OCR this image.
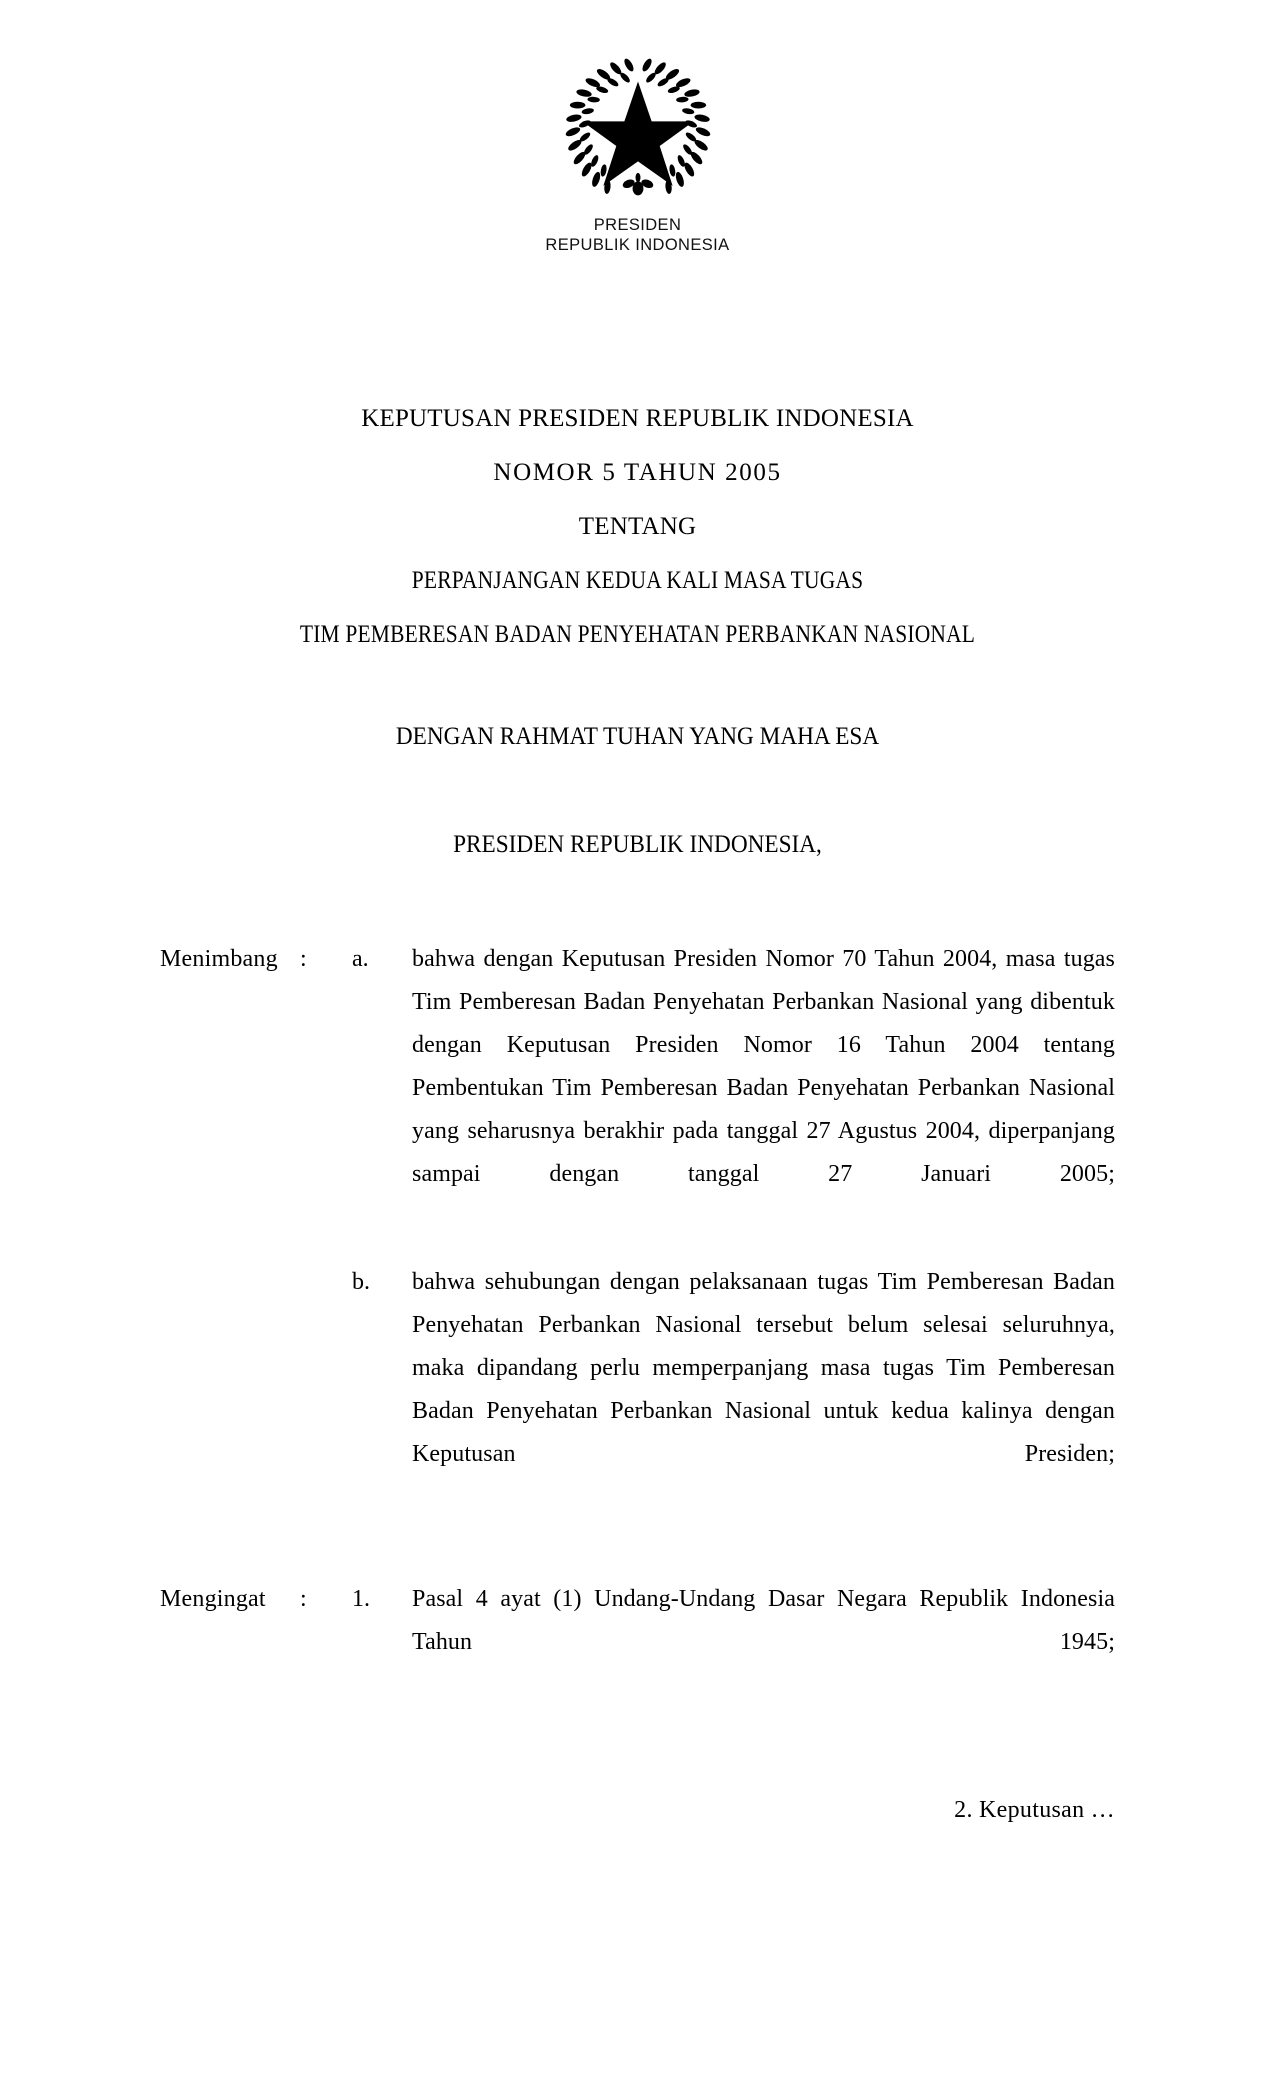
PRESIDEN
REPUBLIK INDONESIA
KEPUTUSAN PRESIDEN REPUBLIK INDONESIA
NOMOR 5 TAHUN 2005
TENTANG
PERPANJANGAN KEDUA KALI MASA TUGAS
TIM PEMBERESAN BADAN PENYEHATAN PERBANKAN NASIONAL
DENGAN RAHMAT TUHAN YANG MAHA ESA
PRESIDEN REPUBLIK INDONESIA,
Menimbang : a. bahwa dengan Keputusan Presiden Nomor 70 Tahun 2004, masa tugas Tim Pemberesan Badan Penyehatan Perbankan Nasional yang dibentuk dengan Keputusan Presiden Nomor 16 Tahun 2004 tentang Pembentukan Tim Pemberesan Badan Penyehatan Perbankan Nasional yang seharusnya berakhir pada tanggal 27 Agustus 2004, diperpanjang sampai dengan tanggal 27 Januari 2005;

b. bahwa sehubungan dengan pelaksanaan tugas Tim Pemberesan Badan Penyehatan Perbankan Nasional tersebut belum selesai seluruhnya, maka dipandang perlu memperpanjang masa tugas Tim Pemberesan Badan Penyehatan Perbankan Nasional untuk kedua kalinya dengan Keputusan Presiden;

Mengingat	: 1. Pasal 4 ayat (1) Undang-Undang Dasar Negara Republik Indonesia Tahun 1945;

2. Keputusan …
